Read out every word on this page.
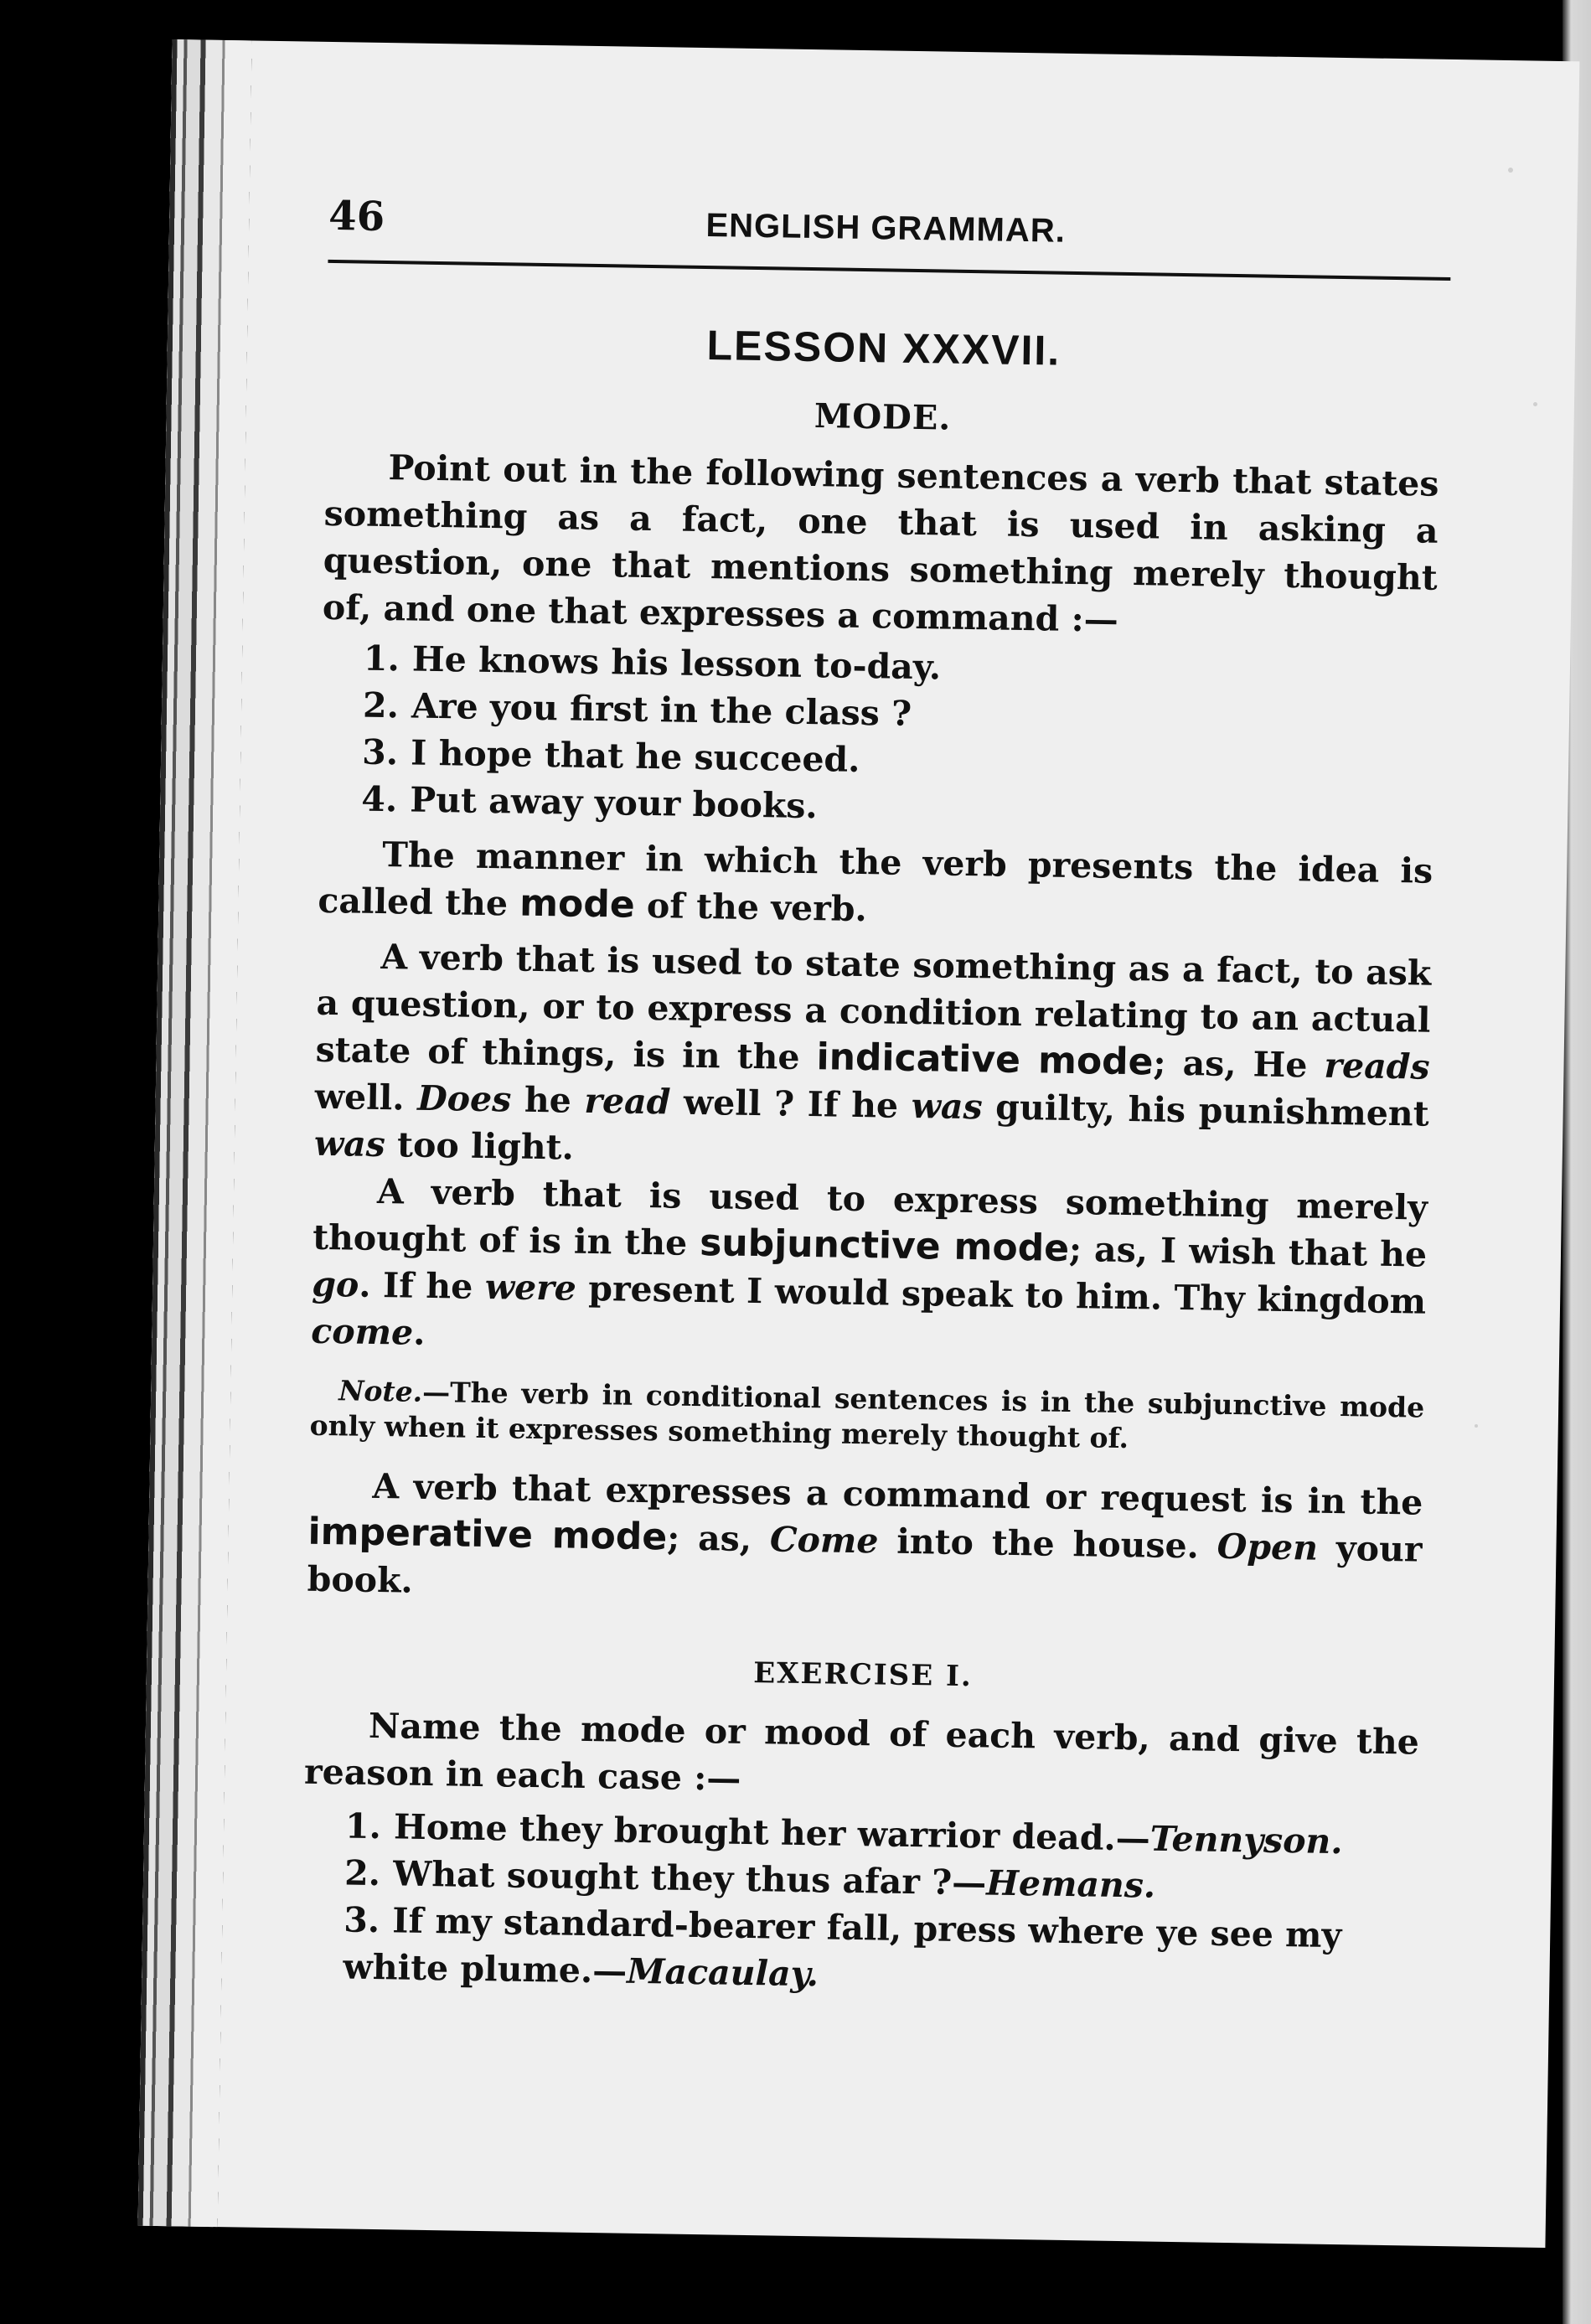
46	ENGLISH GRAMMAR.
LESSON XXXVII.
MODE.

Point out in the following sentences a verb that states something as a fact, one that is used in asking a question, one that mentions something merely thought of, and one that expresses a command :—

1. He knows his lesson to-day.
2. Are you first in the class ?
3. I hope that he succeed.
4. Put away your books.

The manner in which the verb presents the idea is called the mode of the verb.

A verb that is used to state something as a fact, to ask a question, or to express a condition relating to an actual state of things, is in the indicative mode; as, He reads well. Does he read well ? If he was guilty, his punishment was too light.

A verb that is used to express something merely thought of is in the subjunctive mode; as, I wish that he go. If he were present I would speak to him. Thy kingdom come.

Note.—The verb in conditional sentences is in the subjunctive mode only when it expresses something merely thought of.

A verb that expresses a command or request is in the imperative mode; as, Come into the house. Open your book.

EXERCISE I.

Name the mode or mood of each verb, and give the reason in each case :—

1. Home they brought her warrior dead.—Tennyson.
2. What sought they thus afar ?—Hemans.
3. If my standard-bearer fall, press where ye see my white plume.—Macaulay.
